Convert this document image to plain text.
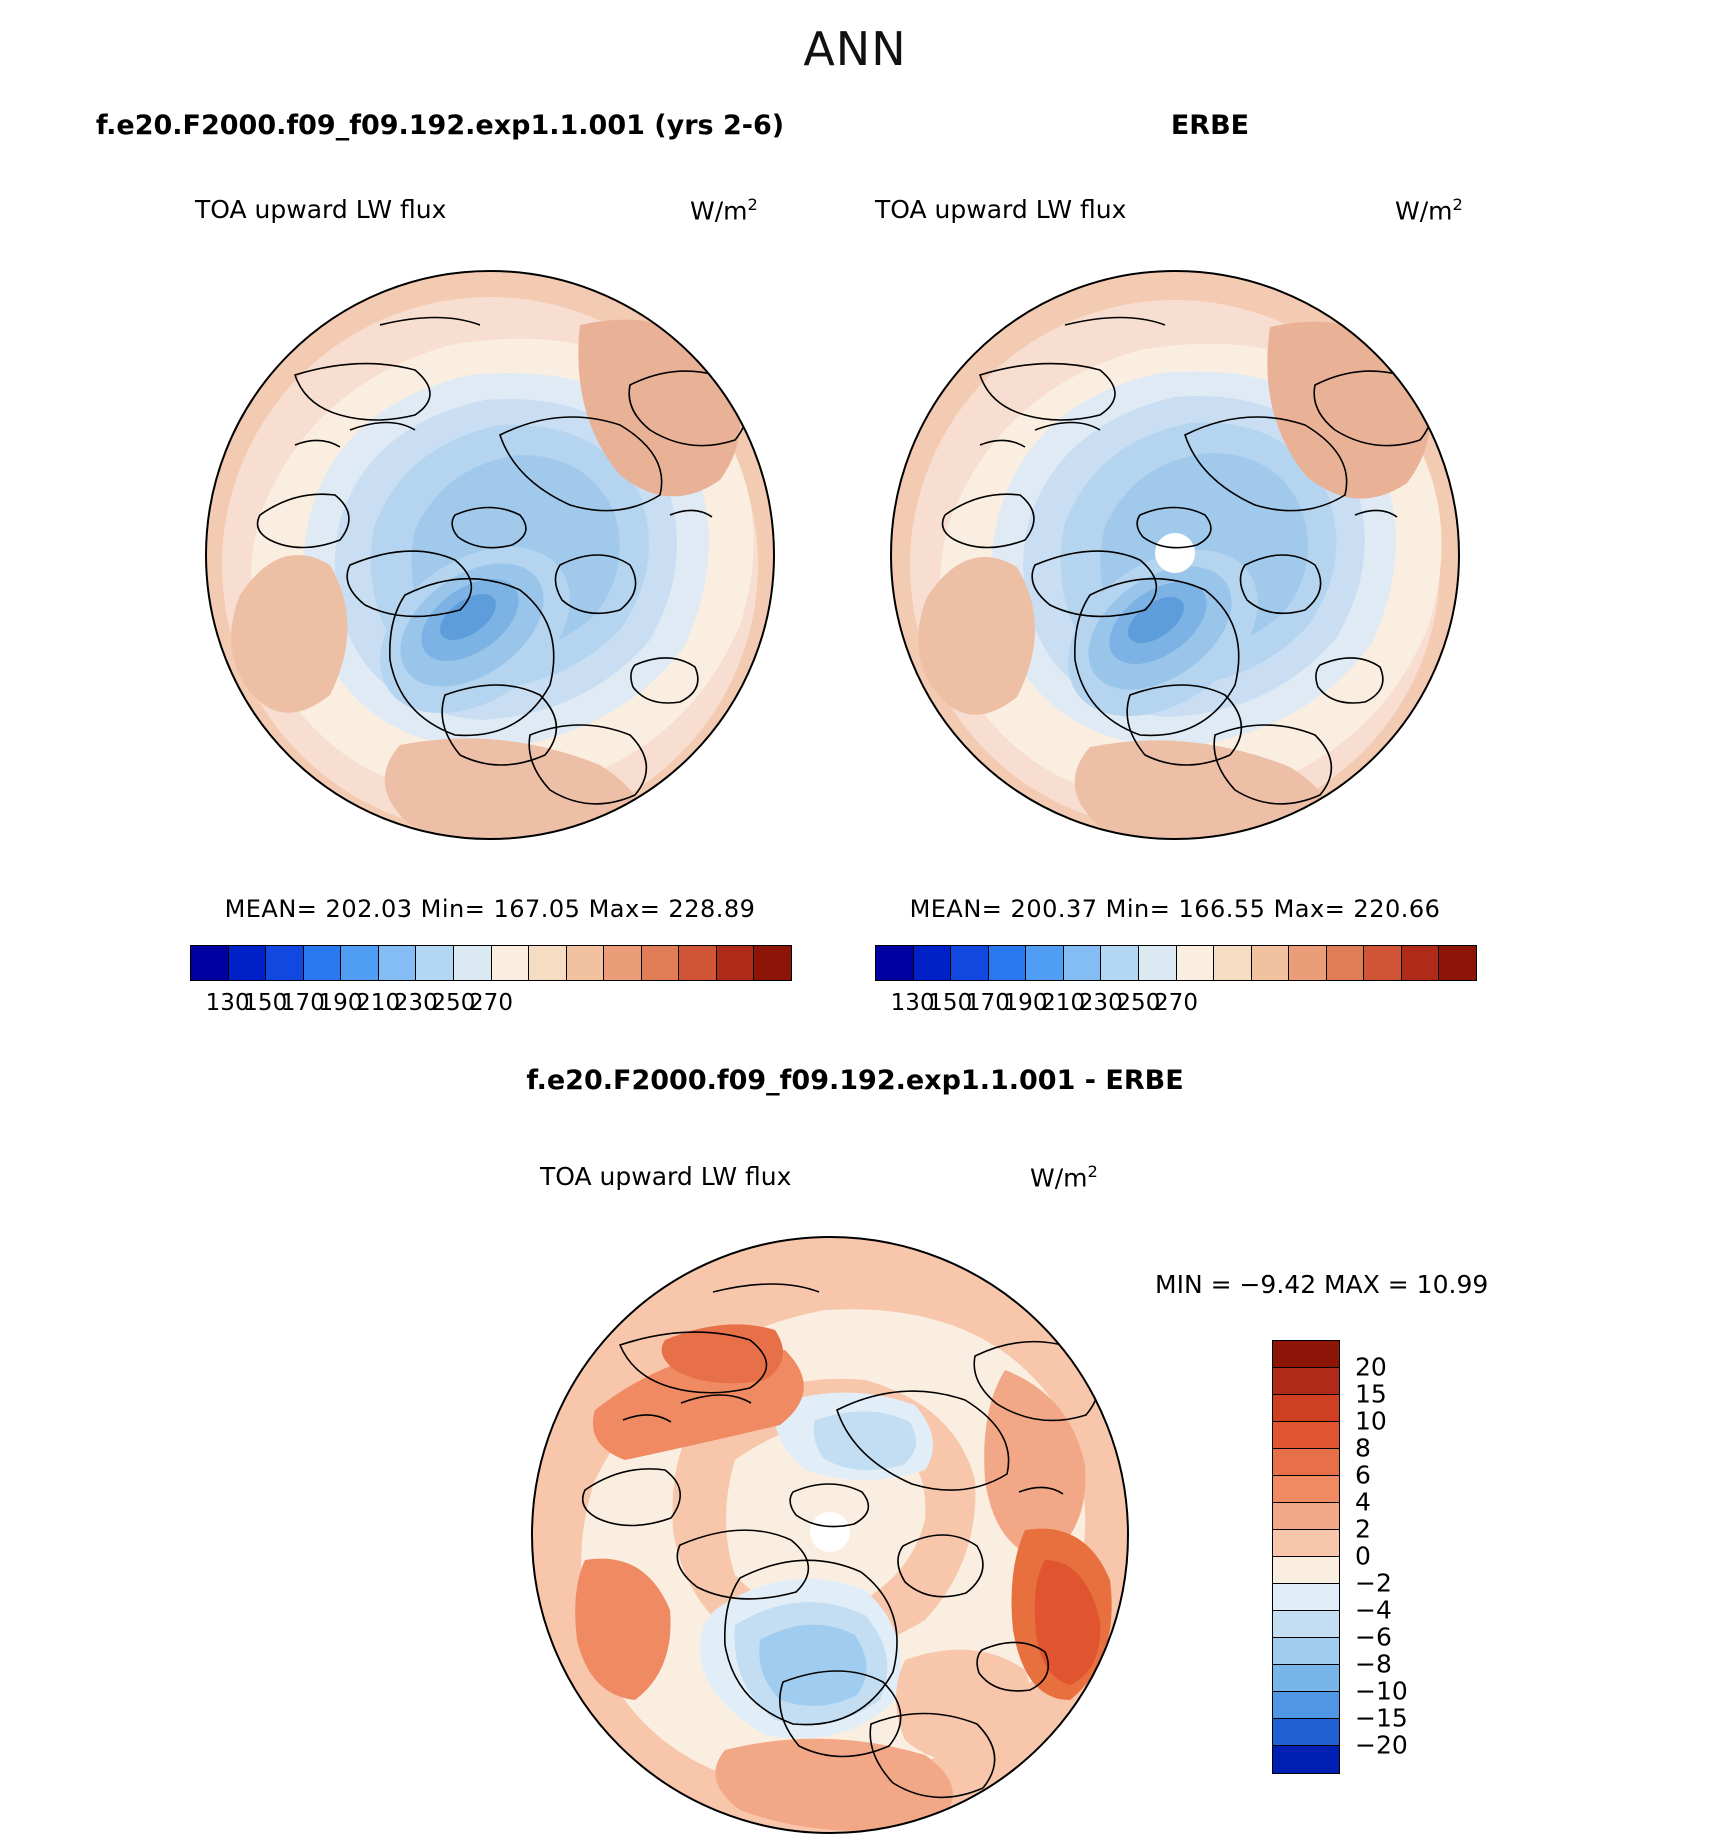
ANN
f.e20.F2000.f09_f09.192.exp1.1.001 (yrs 2-6)
TOA upward LW flux	$W/m^2$
MEAN= 202.03 Min= 167.05 Max= 228.89
130
150
170
190
210
230
250
270
ERBE
TOA upward LW flux	$W/m^2$
MEAN= 200.37 Min= 166.55 Max= 220.66
130
150
170
190
210
230
250
270
f.e20.F2000.f09_f09.192.exp1.1.001 - ERBE
TOA upward LW flux	$W/m^2$
MIN = −9.42 MAX = 10.99
20
15
10
8
6
4
2
0
−2
−4
−6
−8
−10
−15
−20
